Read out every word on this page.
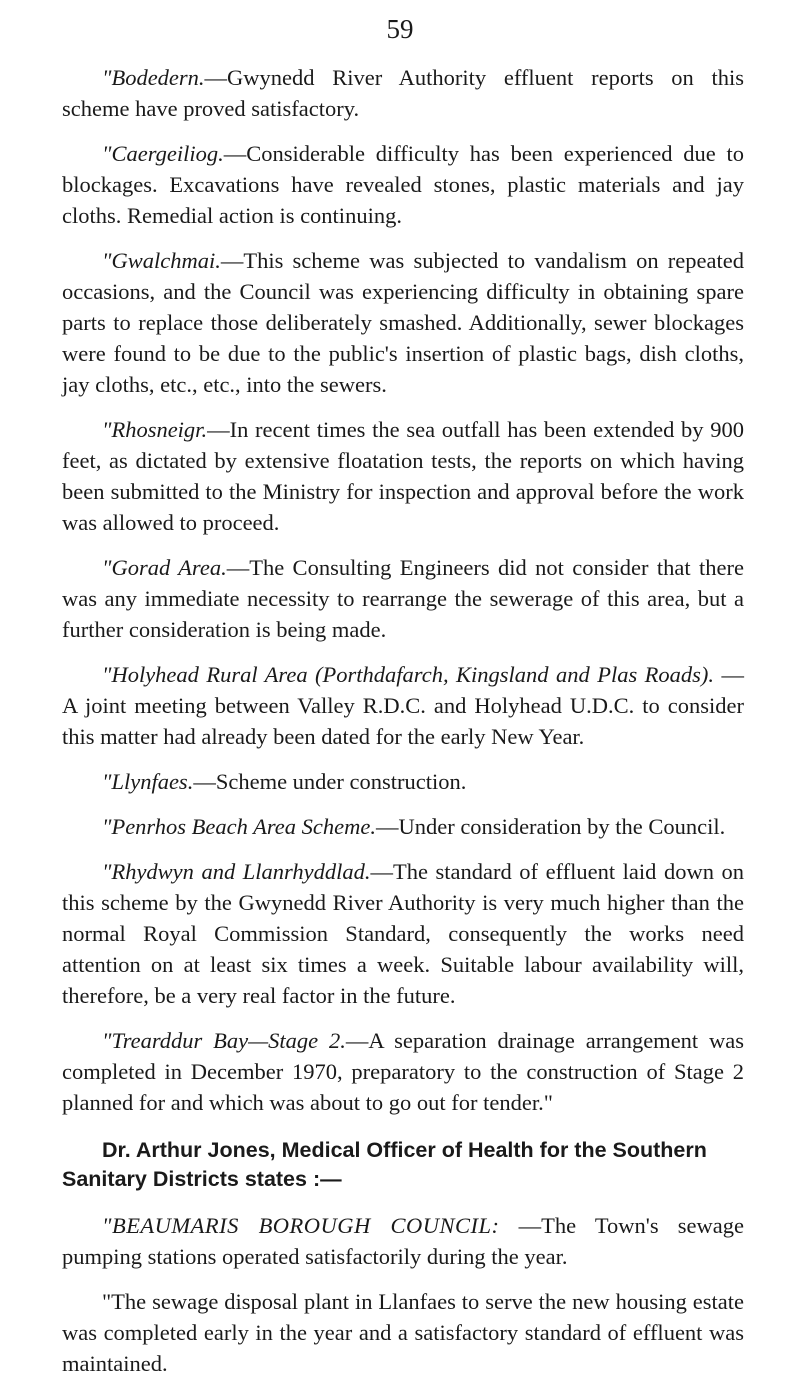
59

"Bodedern.—Gwynedd River Authority effluent reports on this scheme have proved satisfactory.

"Caergeiliog.—Considerable difficulty has been experienced due to blockages. Excavations have revealed stones, plastic materials and jay cloths. Remedial action is continuing.

"Gwalchmai.—This scheme was subjected to vandalism on repeated occasions, and the Council was experiencing difficulty in obtaining spare parts to replace those deliberately smashed. Additionally, sewer blockages were found to be due to the public's insertion of plastic bags, dish cloths, jay cloths, etc., etc., into the sewers.

"Rhosneigr.—In recent times the sea outfall has been extended by 900 feet, as dictated by extensive floatation tests, the reports on which having been submitted to the Ministry for inspection and approval before the work was allowed to proceed.

"Gorad Area.—The Consulting Engineers did not consider that there was any immediate necessity to rearrange the sewerage of this area, but a further consideration is being made.

"Holyhead Rural Area (Porthdafarch, Kingsland and Plas Roads). —A joint meeting between Valley R.D.C. and Holyhead U.D.C. to consider this matter had already been dated for the early New Year.

"Llynfaes.—Scheme under construction.

"Penrhos Beach Area Scheme.—Under consideration by the Council.

"Rhydwyn and Llanrhyddlad.—The standard of effluent laid down on this scheme by the Gwynedd River Authority is very much higher than the normal Royal Commission Standard, consequently the works need attention on at least six times a week. Suitable labour availability will, therefore, be a very real factor in the future.

"Trearddur Bay—Stage 2.—A separation drainage arrangement was completed in December 1970, preparatory to the construction of Stage 2 planned for and which was about to go out for tender."

Dr. Arthur Jones, Medical Officer of Health for the Southern Sanitary Districts states :—

"BEAUMARIS BOROUGH COUNCIL: —The Town's sewage pumping stations operated satisfactorily during the year.

"The sewage disposal plant in Llanfaes to serve the new housing estate was completed early in the year and a satisfactory standard of effluent was maintained.
